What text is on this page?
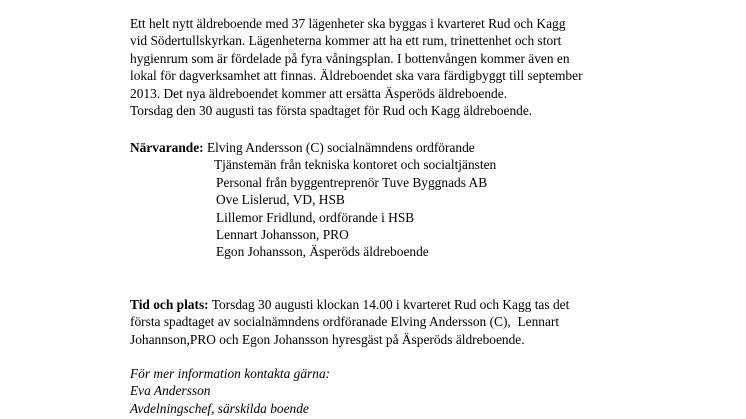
Ett helt nytt äldreboende med 37 lägenheter ska byggas i kvarteret Rud och Kagg
vid Södertullskyrkan. Lägenheterna kommer att ha ett rum, trinettenhet och stort
hygienrum som är fördelade på fyra våningsplan. I bottenvången kommer även en
lokal för dagverksamhet att finnas. Äldreboendet ska vara färdigbyggt till september
2013. Det nya äldreboendet kommer att ersätta Äsperöds äldreboende.
Torsdag den 30 augusti tas första spadtaget för Rud och Kagg äldreboende.
Närvarande: Elving Andersson (C) socialnämndens ordförande
Tjänstemän från tekniska kontoret och socialtjänsten
Personal från byggentreprenör Tuve Byggnads AB
Ove Lislerud, VD, HSB
Lillemor Fridlund, ordförande i HSB
Lennart Johansson, PRO
Egon Johansson, Äsperöds äldreboende
Tid och plats: Torsdag 30 augusti klockan 14.00 i kvarteret Rud och Kagg tas det
första spadtaget av socialnämndens ordföranade Elving Andersson (C),  Lennart
Johannson,PRO och Egon Johansson hyresgäst på Äsperöds äldreboende.
För mer information kontakta gärna:
Eva Andersson
Avdelningschef, särskilda boende
